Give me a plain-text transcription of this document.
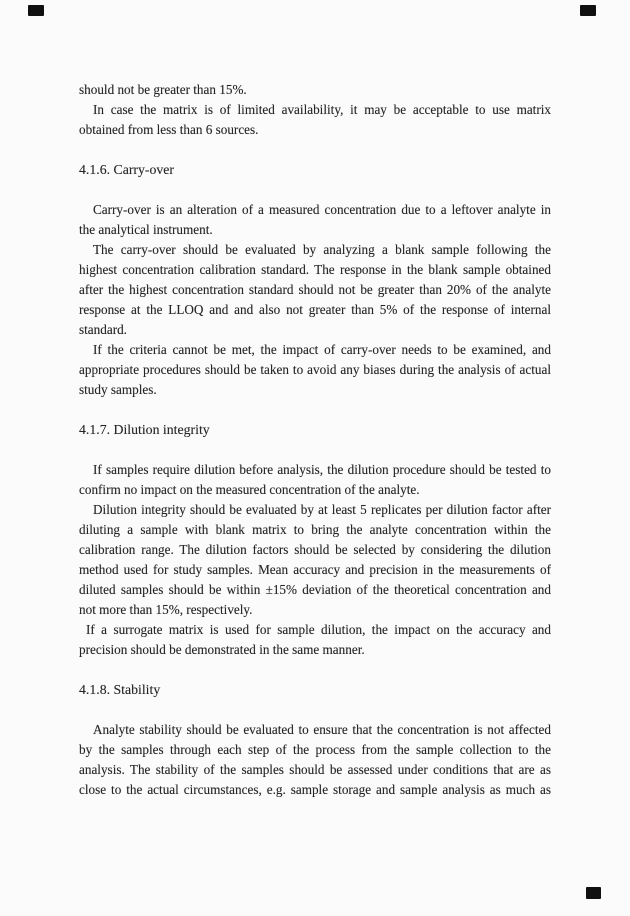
should not be greater than 15%.
In case the matrix is of limited availability, it may be acceptable to use matrix
obtained from less than 6 sources.
4.1.6. Carry-over
Carry-over is an alteration of a measured concentration due to a leftover analyte in
the analytical instrument.
The carry-over should be evaluated by analyzing a blank sample following the
highest concentration calibration standard. The response in the blank sample obtained
after the highest concentration standard should not be greater than 20% of the analyte
response at the LLOQ and and also not greater than 5% of the response of internal
standard.
If the criteria cannot be met, the impact of carry-over needs to be examined, and
appropriate procedures should be taken to avoid any biases during the analysis of actual
study samples.
4.1.7. Dilution integrity
If samples require dilution before analysis, the dilution procedure should be tested to
confirm no impact on the measured concentration of the analyte.
Dilution integrity should be evaluated by at least 5 replicates per dilution factor after
diluting a sample with blank matrix to bring the analyte concentration within the
calibration range. The dilution factors should be selected by considering the dilution
method used for study samples. Mean accuracy and precision in the measurements of
diluted samples should be within ±15% deviation of the theoretical concentration and
not more than 15%, respectively.
If a surrogate matrix is used for sample dilution, the impact on the accuracy and
precision should be demonstrated in the same manner.
4.1.8. Stability
Analyte stability should be evaluated to ensure that the concentration is not affected
by the samples through each step of the process from the sample collection to the
analysis. The stability of the samples should be assessed under conditions that are as
close to the actual circumstances, e.g. sample storage and sample analysis as much as
